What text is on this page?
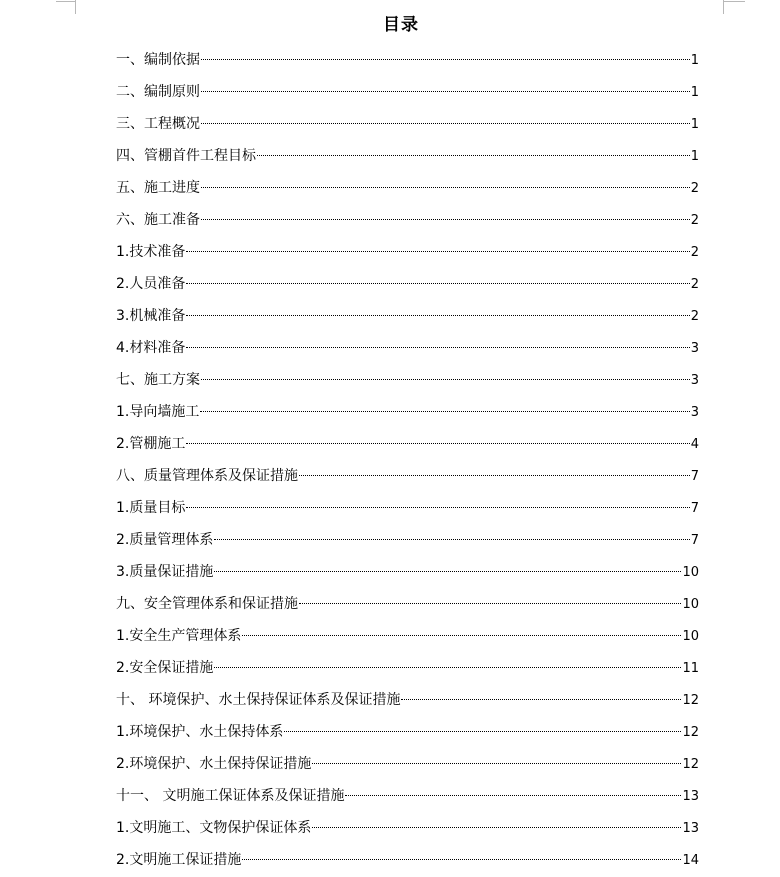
目录
一、编制依据	1
二、编制原则	1
三、工程概况	1
四、管棚首件工程目标	1
五、施工进度	2
六、施工准备	2
1.技术准备	2
2.人员准备	2
3.机械准备	2
4.材料准备	3
七、施工方案	3
1.导向墙施工	3
2.管棚施工	4
八、质量管理体系及保证措施	7
1.质量目标	7
2.质量管理体系	7
3.质量保证措施	10
九、安全管理体系和保证措施	10
1.安全生产管理体系	10
2.安全保证措施	11
十、 环境保护、水土保持保证体系及保证措施	12
1.环境保护、水土保持体系	12
2.环境保护、水土保持保证措施	12
十一、 文明施工保证体系及保证措施	13
1.文明施工、文物保护保证体系	13
2.文明施工保证措施	14
